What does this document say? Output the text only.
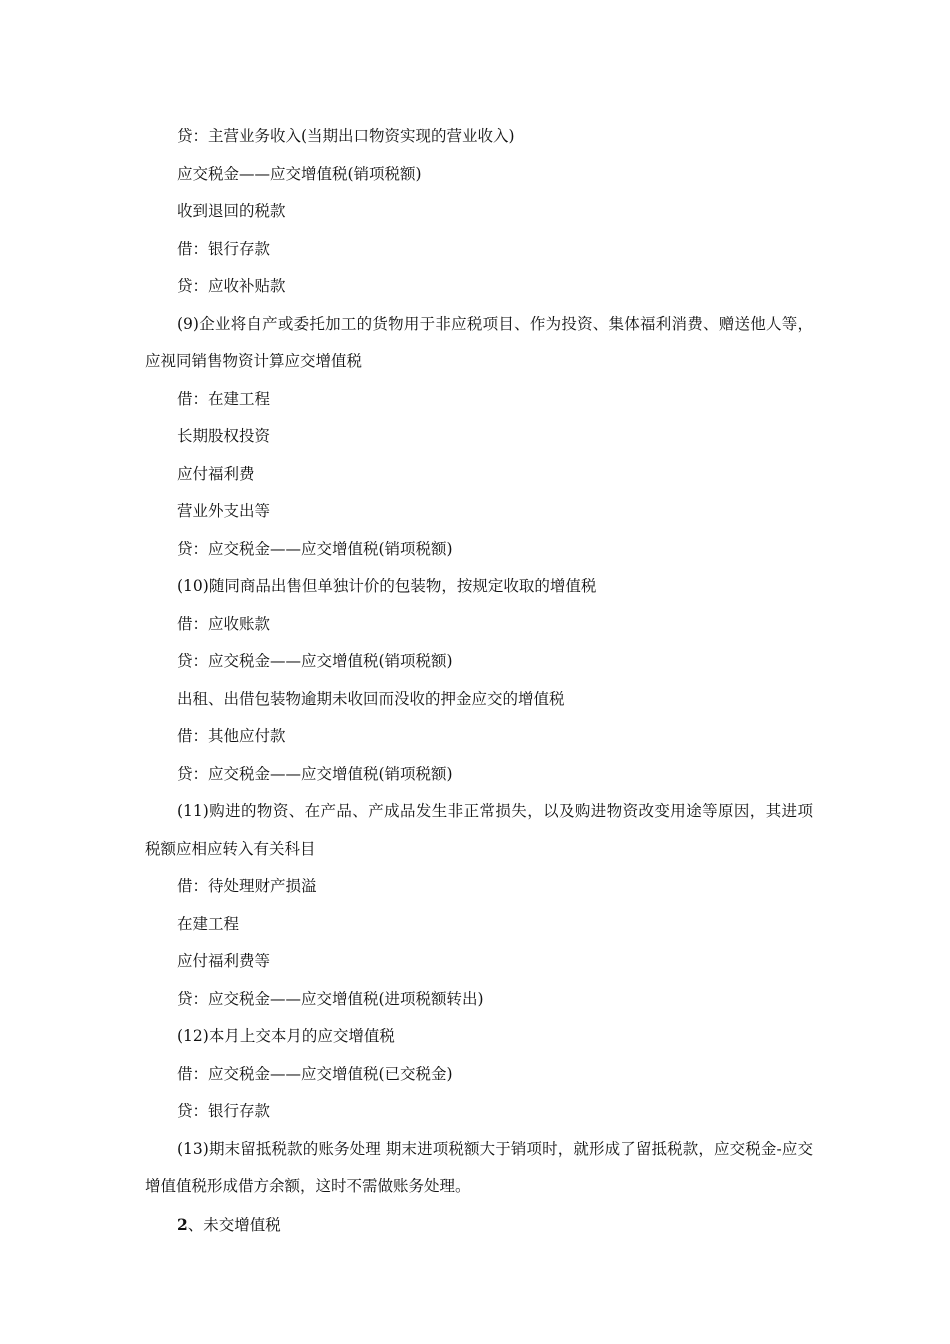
贷：主营业务收入(当期出口物资实现的营业收入)

应交税金——应交增值税(销项税额)

收到退回的税款

借：银行存款

贷：应收补贴款

(9)企业将自产或委托加工的货物用于非应税项目、作为投资、集体福利消费、赠送他人等，应视同销售物资计算应交增值税

借：在建工程

长期股权投资

应付福利费

营业外支出等

贷：应交税金——应交增值税(销项税额)

(10)随同商品出售但单独计价的包装物，按规定收取的增值税

借：应收账款

贷：应交税金——应交增值税(销项税额)

出租、出借包装物逾期未收回而没收的押金应交的增值税

借：其他应付款

贷：应交税金——应交增值税(销项税额)

(11)购进的物资、在产品、产成品发生非正常损失，以及购进物资改变用途等原因，其进项税额应相应转入有关科目

借：待处理财产损溢

在建工程

应付福利费等

贷：应交税金——应交增值税(进项税额转出)

(12)本月上交本月的应交增值税

借：应交税金——应交增值税(已交税金)

贷：银行存款

(13)期末留抵税款的账务处理 期末进项税额大于销项时，就形成了留抵税款，应交税金-应交增值值税形成借方余额，这时不需做账务处理。

2、未交增值税
